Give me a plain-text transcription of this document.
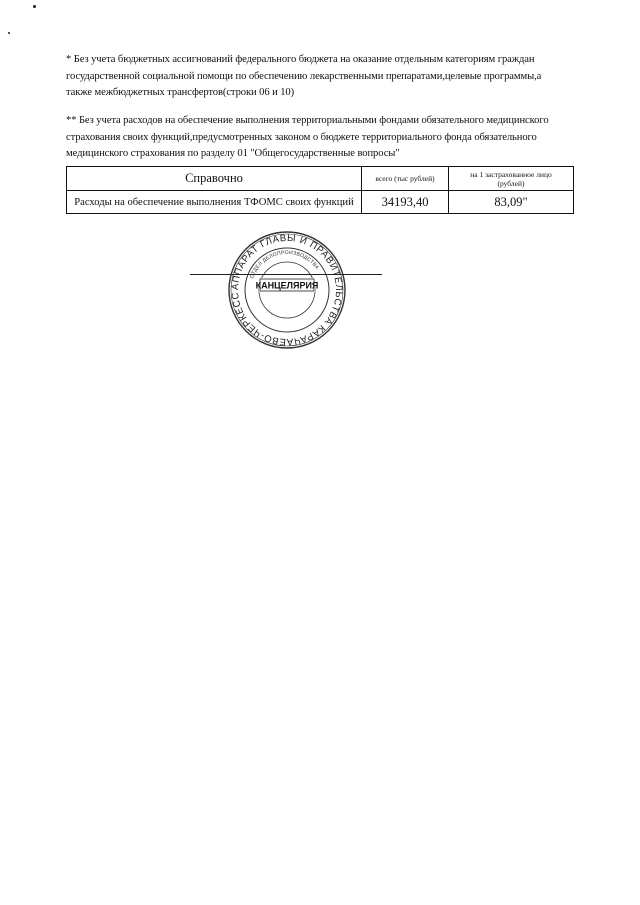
* Без учета бюджетных ассигнований федерального бюджета на оказание отдельным категориям граждан
государственной социальной помощи по обеспечению лекарственными препаратами,целевые программы,а
также межбюджетных трансфертов(строки 06 и 10)
** Без учета расходов на обеспечение выполнения территориальными фондами обязательного медицинского
страхования своих функций,предусмотренных законом о бюджете территориального фонда обязательного
медицинского страхования по разделу 01 "Общегосударственные вопросы"
Справочно	всего (тыс рублей)	на 1 застрахованное лицо
(рублей)
Расходы на обеспечение выполнения ТФОМС своих функций	34193,40	83,09"
АППАРАТ ГЛАВЫ И ПРАВИТЕЛЬСТВА КАРАЧАЕВО-ЧЕРКЕСС
ОТДЕЛ ДЕЛОПРОИЗВОДСТВА
КАНЦЕЛЯРИЯ
